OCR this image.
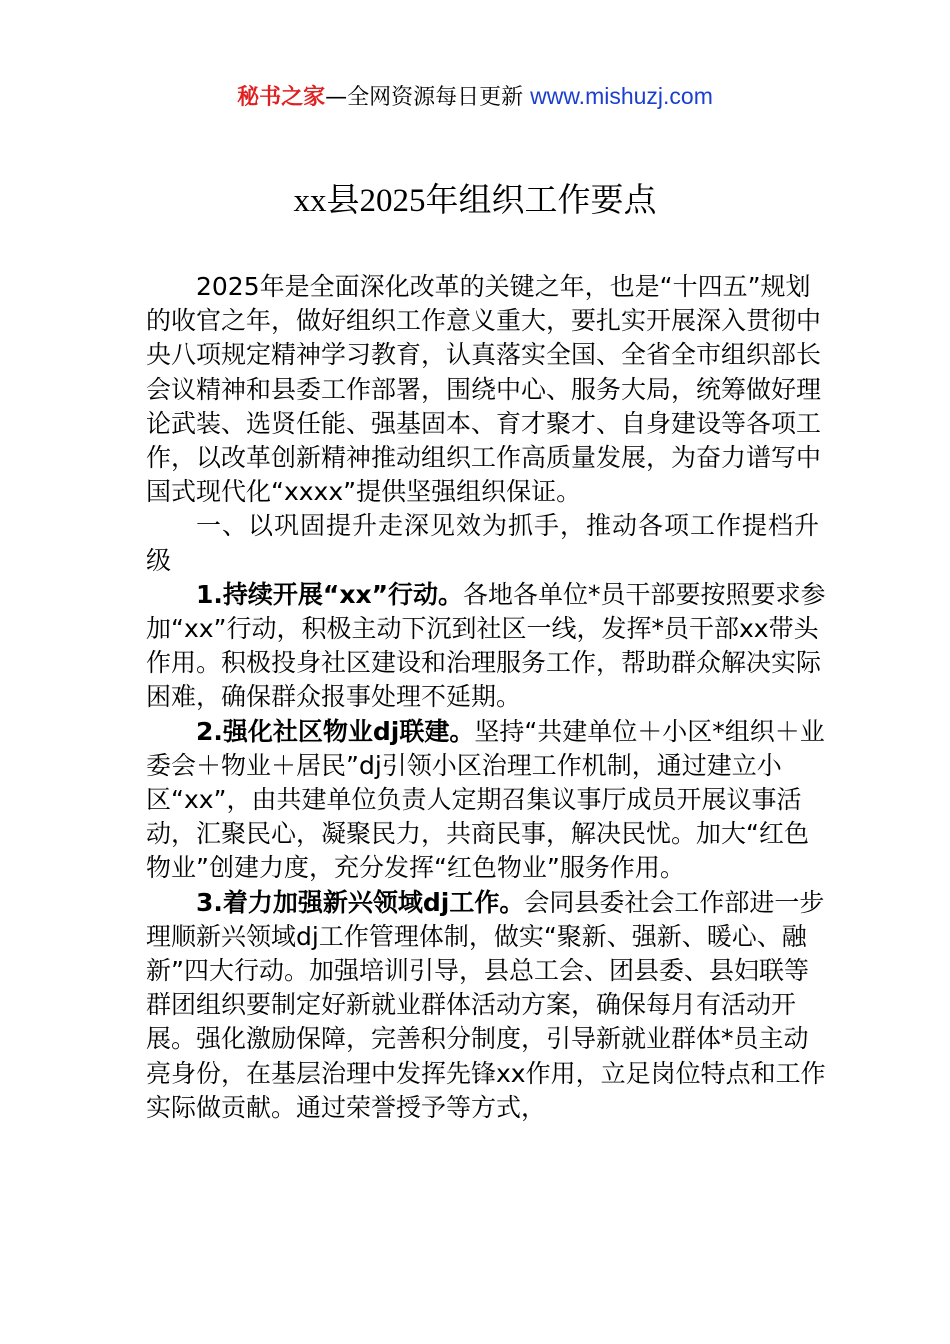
秘书之家—全网资源每日更新 www.mishuzj.com
xx县2025年组织工作要点

2025年是全面深化改革的关键之年，也是“十四五”规划的收官之年，做好组织工作意义重大，要扎实开展深入贯彻中央八项规定精神学习教育，认真落实全国、全省全市组织部长会议精神和县委工作部署，围绕中心、服务大局，统筹做好理论武装、选贤任能、强基固本、育才聚才、自身建设等各项工作，以改革创新精神推动组织工作高质量发展，为奋力谱写中国式现代化“xxxx”提供坚强组织保证。

一、以巩固提升走深见效为抓手，推动各项工作提档升级

1.持续开展“xx”行动。各地各单位*员干部要按照要求参加“xx”行动，积极主动下沉到社区一线，发挥*员干部xx带头作用。积极投身社区建设和治理服务工作，帮助群众解决实际困难，确保群众报事处理不延期。

2.强化社区物业dj联建。坚持“共建单位＋小区*组织＋业委会＋物业＋居民”dj引领小区治理工作机制，通过建立小区“xx”，由共建单位负责人定期召集议事厅成员开展议事活动，汇聚民心，凝聚民力，共商民事，解决民忧。加大“红色物业”创建力度，充分发挥“红色物业”服务作用。

3.着力加强新兴领域dj工作。会同县委社会工作部进一步理顺新兴领域dj工作管理体制，做实“聚新、强新、暖心、融新”四大行动。加强培训引导，县总工会、团县委、县妇联等群团组织要制定好新就业群体活动方案，确保每月有活动开展。强化激励保障，完善积分制度，引导新就业群体*员主动亮身份，在基层治理中发挥先锋xx作用，立足岗位特点和工作实际做贡献。通过荣誉授予等方式，
